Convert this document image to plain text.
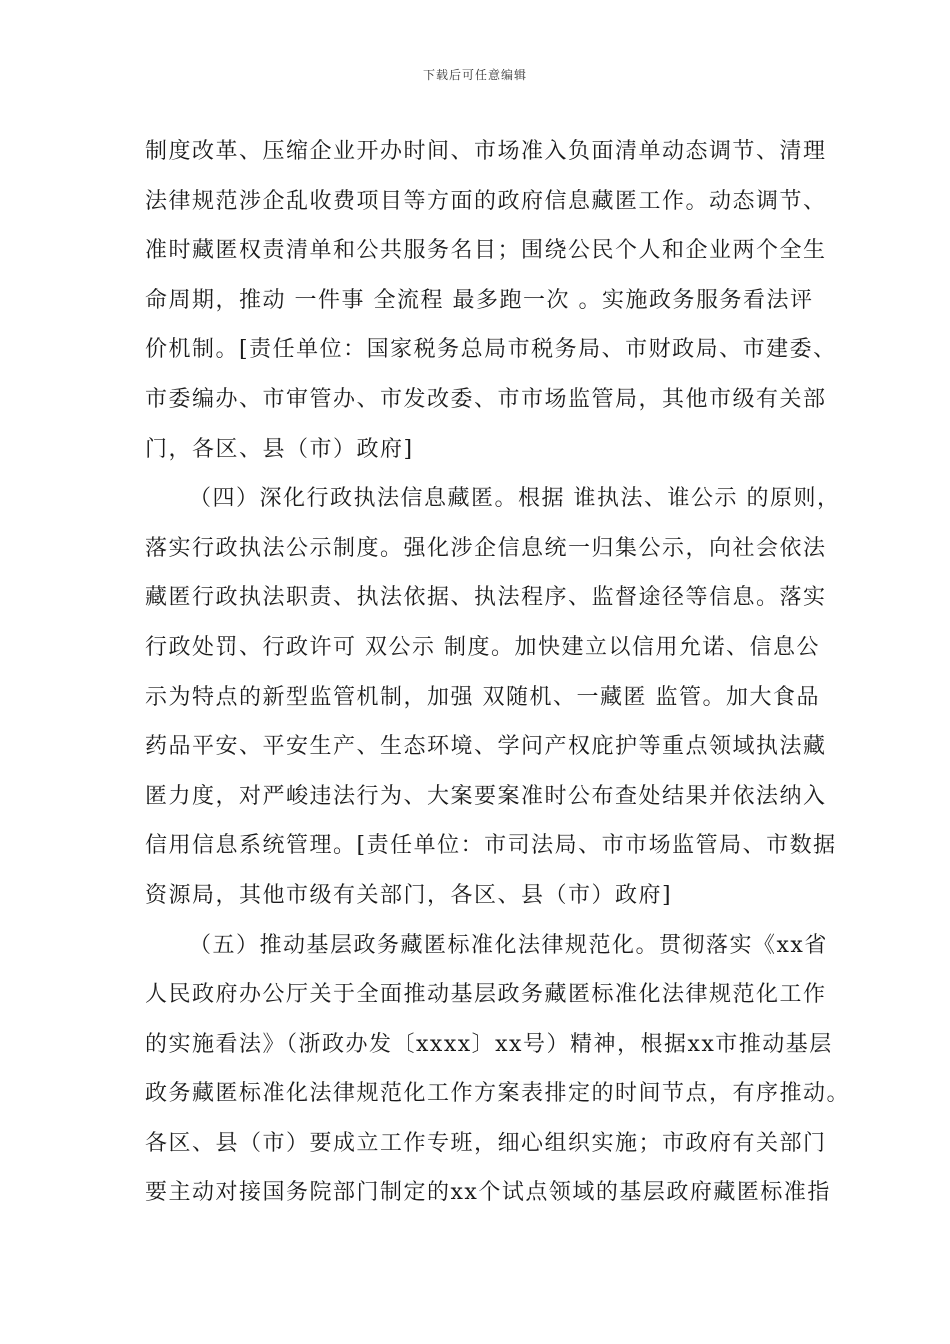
下载后可任意编辑
制度改革、压缩企业开办时间、市场准入负面清单动态调节、清理
法律规范涉企乱收费项目等方面的政府信息藏匿工作。动态调节、
准时藏匿权责清单和公共服务名目；围绕公民个人和企业两个全生
命周期，推动 一件事 全流程 最多跑一次 。实施政务服务看法评
价机制。[责任单位：国家税务总局市税务局、市财政局、市建委、
市委编办、市审管办、市发改委、市市场监管局，其他市级有关部
门，各区、县（市）政府]
（四）深化行政执法信息藏匿。根据 谁执法、谁公示 的原则，
落实行政执法公示制度。强化涉企信息统一归集公示，向社会依法
藏匿行政执法职责、执法依据、执法程序、监督途径等信息。落实
行政处罚、行政许可 双公示 制度。加快建立以信用允诺、信息公
示为特点的新型监管机制，加强 双随机、一藏匿 监管。加大食品
药品平安、平安生产、生态环境、学问产权庇护等重点领域执法藏
匿力度，对严峻违法行为、大案要案准时公布查处结果并依法纳入
信用信息系统管理。[责任单位：市司法局、市市场监管局、市数据
资源局，其他市级有关部门，各区、县（市）政府]
（五）推动基层政务藏匿标准化法律规范化。贯彻落实《xx省
人民政府办公厅关于全面推动基层政务藏匿标准化法律规范化工作
的实施看法》（浙政办发〔xxxx〕xx号）精神，根据xx市推动基层
政务藏匿标准化法律规范化工作方案表排定的时间节点，有序推动。
各区、县（市）要成立工作专班，细心组织实施；市政府有关部门
要主动对接国务院部门制定的xx个试点领域的基层政府藏匿标准指
